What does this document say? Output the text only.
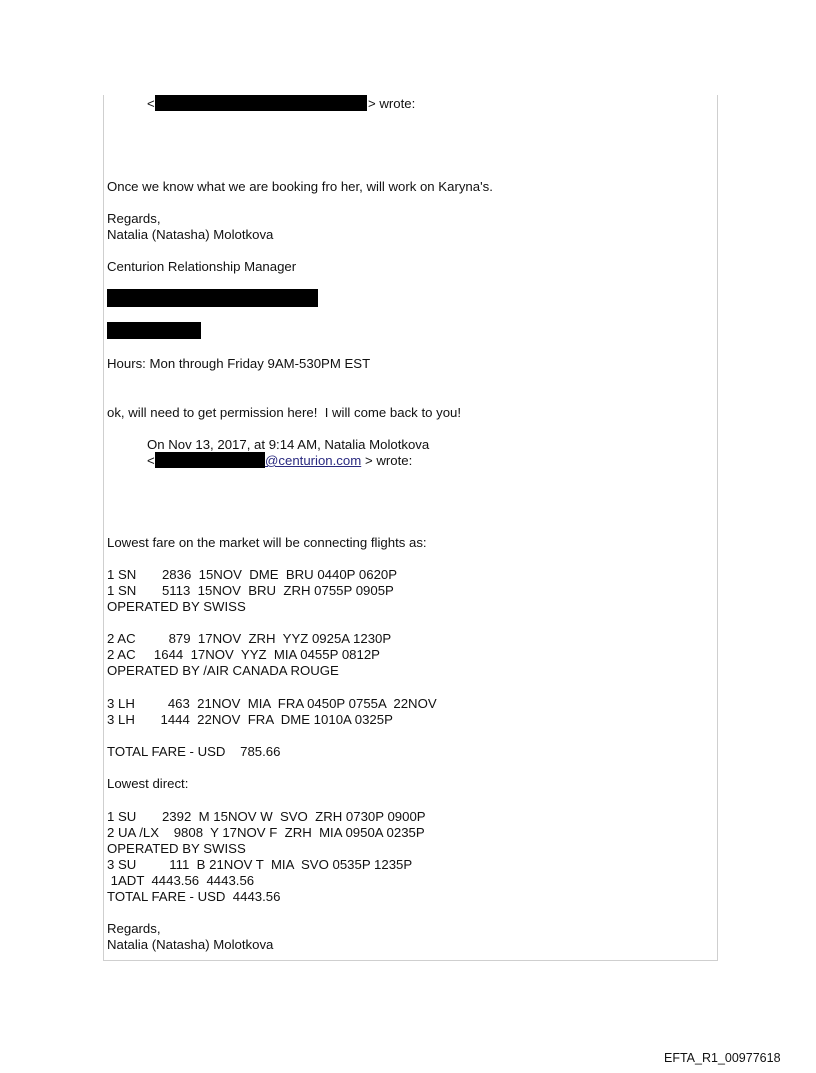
<	> wrote:
Once we know what we are booking fro her, will work on Karyna's.
Regards,
Natalia (Natasha) Molotkova
Centurion Relationship Manager
Hours: Mon through Friday 9AM-530PM EST
ok, will need to get permission here!  I will come back to you!
On Nov 13, 2017, at 9:14 AM, Natalia Molotkova
<	@centurion.com > wrote:
Lowest fare on the market will be connecting flights as:
1 SN       2836  15NOV  DME  BRU 0440P 0620P
1 SN       5113  15NOV  BRU  ZRH 0755P 0905P
OPERATED BY SWISS
2 AC         879  17NOV  ZRH  YYZ 0925A 1230P
2 AC     1644  17NOV  YYZ  MIA 0455P 0812P
OPERATED BY /AIR CANADA ROUGE
3 LH         463  21NOV  MIA  FRA 0450P 0755A  22NOV
3 LH       1444  22NOV  FRA  DME 1010A 0325P
TOTAL FARE - USD    785.66
Lowest direct:
1 SU       2392  M 15NOV W  SVO  ZRH 0730P 0900P
2 UA /LX    9808  Y 17NOV F  ZRH  MIA 0950A 0235P
OPERATED BY SWISS
3 SU         111  B 21NOV T  MIA  SVO 0535P 1235P
1ADT  4443.56  4443.56
TOTAL FARE - USD  4443.56
Regards,
Natalia (Natasha) Molotkova
EFTA_R1_00977618
